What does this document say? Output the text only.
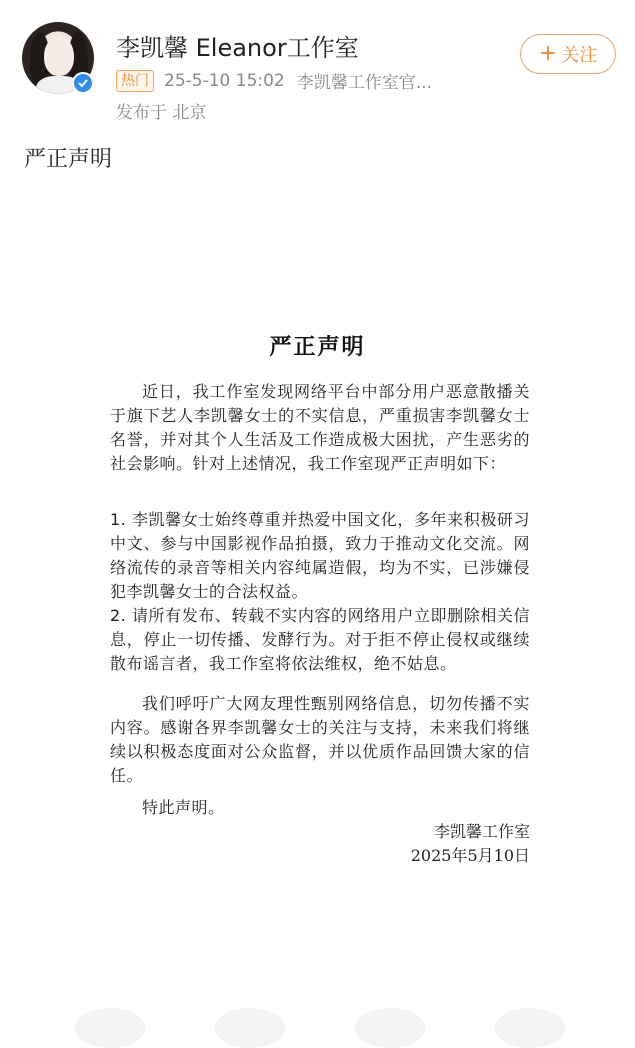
李凯馨 Eleanor工作室
热门 25-5-10 15:02 李凯馨工作室官...
发布于 北京
+ 关注
严正声明
严正声明
近日，我工作室发现网络平台中部分用户恶意散播关于旗下艺人李凯馨女士的不实信息，严重损害李凯馨女士名誉，并对其个人生活及工作造成极大困扰，产生恶劣的社会影响。针对上述情况，我工作室现严正声明如下：
1. 李凯馨女士始终尊重并热爱中国文化，多年来积极研习中文、参与中国影视作品拍摄，致力于推动文化交流。网络流传的录音等相关内容纯属造假，均为不实，已涉嫌侵犯李凯馨女士的合法权益。
2. 请所有发布、转载不实内容的网络用户立即删除相关信息，停止一切传播、发酵行为。对于拒不停止侵权或继续散布谣言者，我工作室将依法维权，绝不姑息。
我们呼吁广大网友理性甄别网络信息，切勿传播不实内容。感谢各界李凯馨女士的关注与支持，未来我们将继续以积极态度面对公众监督，并以优质作品回馈大家的信任。
特此声明。
李凯馨工作室
2025年5月10日
